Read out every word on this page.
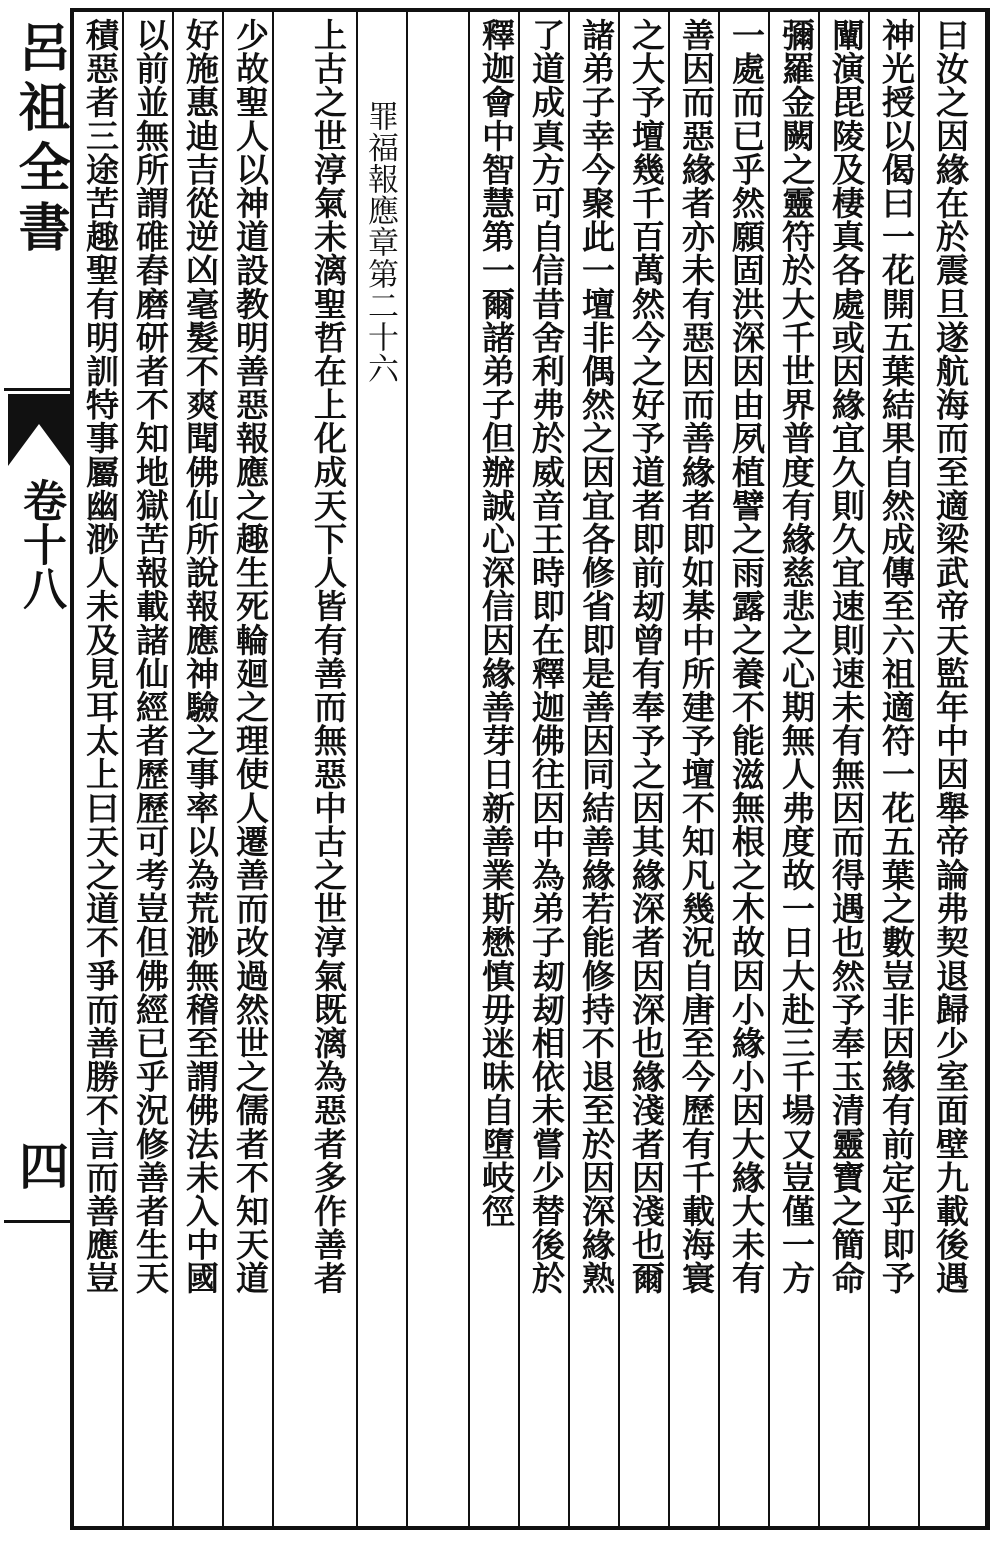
呂祖全書
卷十八
四	曰汝之因緣在於震旦遂航海而至適梁武帝天監年中因舉帝論弗契退歸少室面壁九載後遇
神光授以偈曰一花開五葉結果自然成傳至六祖適符一花五葉之數豈非因緣有前定乎即予
闡演毘陵及棲真各處或因緣宜久則久宜速則速未有無因而得遇也然予奉玉清靈寶之簡命
彌羅金闕之靈符於大千世界普度有緣慈悲之心期無人弗度故一日大赴三千場又豈僅一方
一處而已乎然願固洪深因由夙植譬之雨露之養不能滋無根之木故因小緣小因大緣大未有
善因而惡緣者亦未有惡因而善緣者即如棊中所建予壇不知凡幾況自唐至今歷有千載海寰
之大予壇幾千百萬然今之好予道者即前刼曾有奉予之因其緣深者因深也緣淺者因淺也爾
諸弟子幸今聚此一壇非偶然之因宜各修省即是善因同結善緣若能修持不退至於因深緣熟
了道成真方可自信昔舍利弗於威音王時即在釋迦佛往因中為弟子刼刼相依未嘗少替後於
釋迦會中智慧第一爾諸弟子但辦誠心深信因緣善芽日新善業斯懋慎毋迷昧自墮岐徑
罪福報應章第二十六
上古之世淳氣未漓聖哲在上化成天下人皆有善而無惡中古之世淳氣既漓為惡者多作善者
少故聖人以神道設教明善惡報應之趣生死輪廻之理使人遷善而改過然世之儒者不知天道
好施惠迪吉從逆凶毫髮不爽聞佛仙所說報應神驗之事率以為荒渺無稽至謂佛法未入中國
以前並無所謂碓舂磨研者不知地獄苦報載諸仙經者歷歷可考豈但佛經已乎況修善者生天
積惡者三途苦趣聖有明訓特事屬幽渺人未及見耳太上曰天之道不爭而善勝不言而善應豈
